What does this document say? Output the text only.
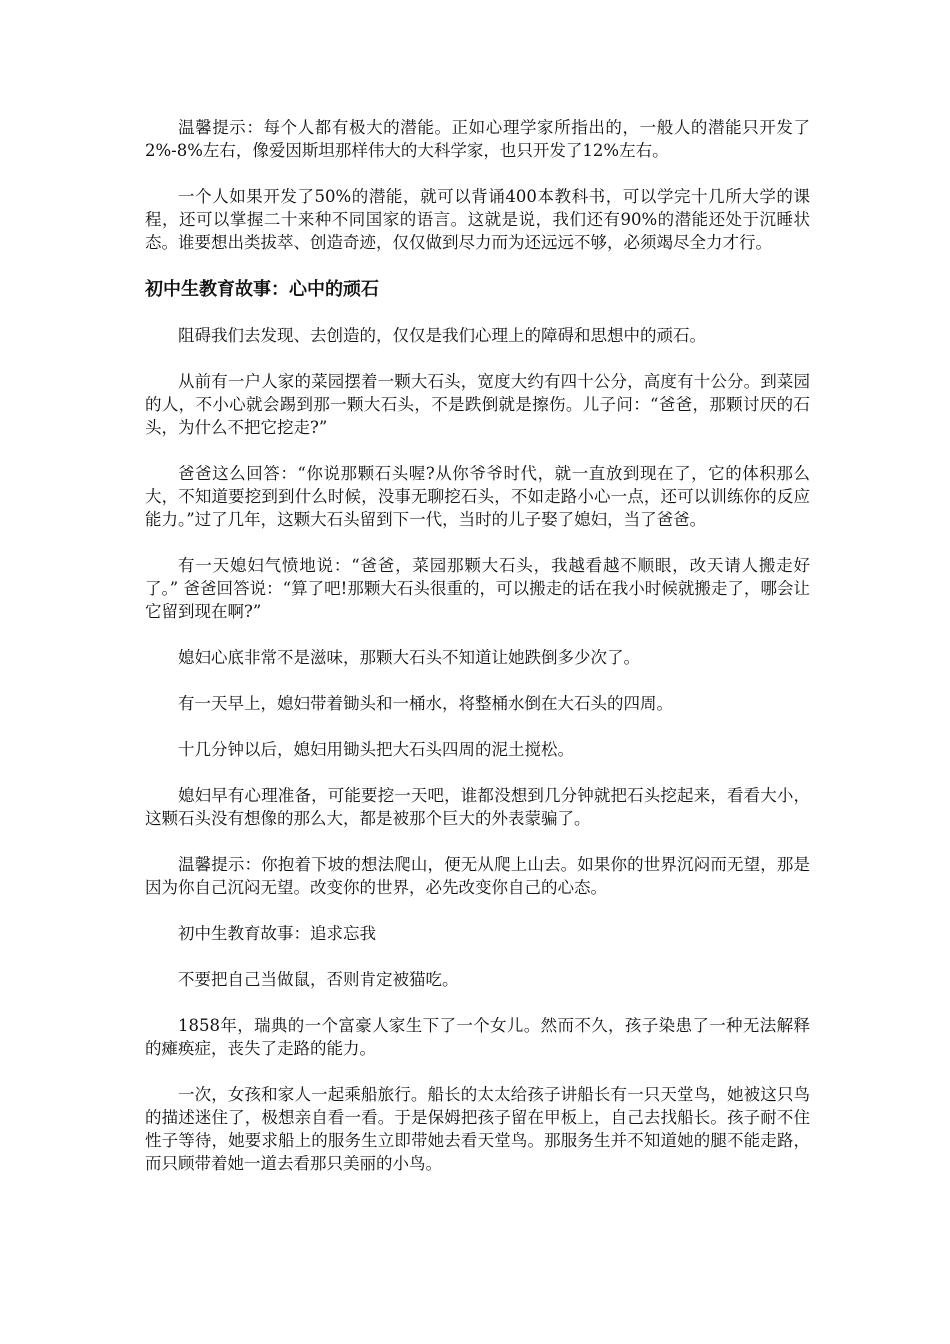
温馨提示：每个人都有极大的潜能。正如心理学家所指出的，一般人的潜能只开发了2%-8%左右，像爱因斯坦那样伟大的大科学家，也只开发了12%左右。

一个人如果开发了50%的潜能，就可以背诵400本教科书，可以学完十几所大学的课程，还可以掌握二十来种不同国家的语言。这就是说，我们还有90%的潜能还处于沉睡状态。谁要想出类拔萃、创造奇迹，仅仅做到尽力而为还远远不够，必须竭尽全力才行。

初中生教育故事：心中的顽石

阻碍我们去发现、去创造的，仅仅是我们心理上的障碍和思想中的顽石。

从前有一户人家的菜园摆着一颗大石头，宽度大约有四十公分，高度有十公分。到菜园的人，不小心就会踢到那一颗大石头，不是跌倒就是擦伤。儿子问：“爸爸，那颗讨厌的石头，为什么不把它挖走?”

爸爸这么回答：“你说那颗石头喔?从你爷爷时代，就一直放到现在了，它的体积那么大，不知道要挖到到什么时候，没事无聊挖石头，不如走路小心一点，还可以训练你的反应能力。”过了几年，这颗大石头留到下一代，当时的儿子娶了媳妇，当了爸爸。

有一天媳妇气愤地说：“爸爸，菜园那颗大石头，我越看越不顺眼，改天请人搬走好了。” 爸爸回答说：“算了吧!那颗大石头很重的，可以搬走的话在我小时候就搬走了，哪会让它留到现在啊?”

媳妇心底非常不是滋味，那颗大石头不知道让她跌倒多少次了。

有一天早上，媳妇带着锄头和一桶水，将整桶水倒在大石头的四周。

十几分钟以后，媳妇用锄头把大石头四周的泥土搅松。

媳妇早有心理准备，可能要挖一天吧，谁都没想到几分钟就把石头挖起来，看看大小，这颗石头没有想像的那么大，都是被那个巨大的外表蒙骗了。

温馨提示：你抱着下坡的想法爬山，便无从爬上山去。如果你的世界沉闷而无望，那是因为你自己沉闷无望。改变你的世界，必先改变你自己的心态。

初中生教育故事：追求忘我

不要把自己当做鼠，否则肯定被猫吃。

1858年，瑞典的一个富豪人家生下了一个女儿。然而不久，孩子染患了一种无法解释的瘫痪症，丧失了走路的能力。

一次，女孩和家人一起乘船旅行。船长的太太给孩子讲船长有一只天堂鸟，她被这只鸟的描述迷住了，极想亲自看一看。于是保姆把孩子留在甲板上，自己去找船长。孩子耐不住性子等待，她要求船上的服务生立即带她去看天堂鸟。那服务生并不知道她的腿不能走路，而只顾带着她一道去看那只美丽的小鸟。
